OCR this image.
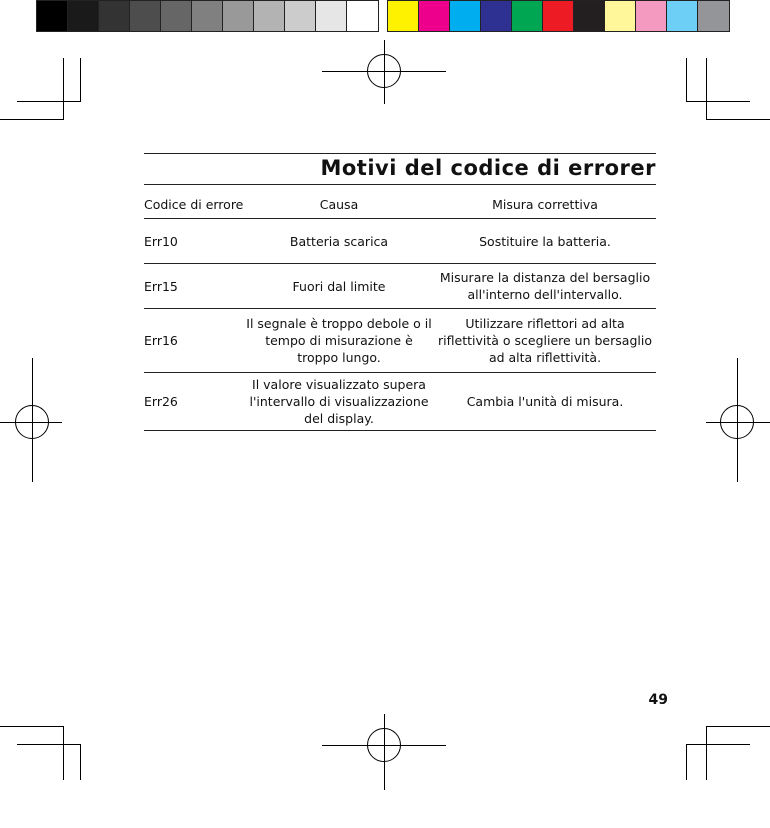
Motivi del codice di errorer
Codice di errore	Causa	Misura correttiva
Err10	Batteria scarica	Sostituire la batteria.
Err15	Fuori dal limite	Misurare la distanza del bersaglio all'interno dell'intervallo.
Err16	Il segnale è troppo debole o il tempo di misurazione è troppo lungo.	Utilizzare riflettori ad alta riflettività o scegliere un bersaglio ad alta riflettività.
Err26	Il valore visualizzato supera l'intervallo di visualizzazione del display.	Cambia l'unità di misura.
49
